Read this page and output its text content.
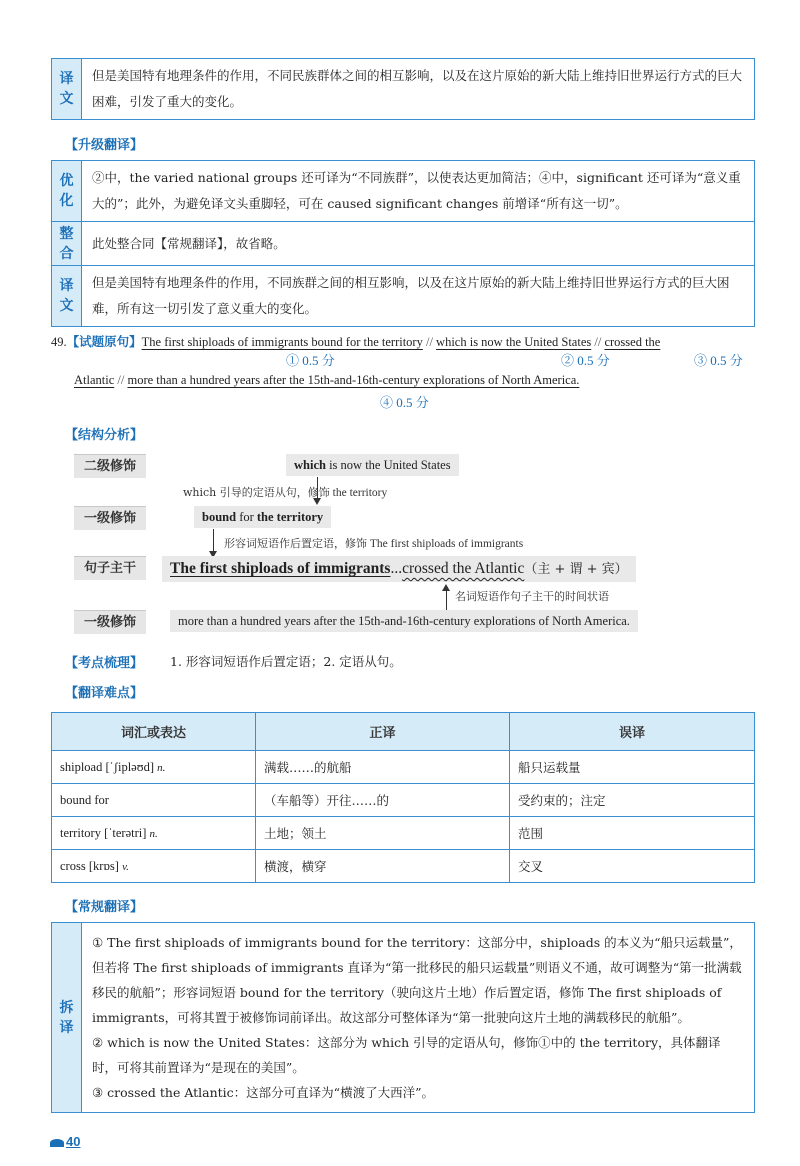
译文	但是美国特有地理条件的作用，不同民族群体之间的相互影响，以及在这片原始的新大陆上维持旧世界运行方式的巨大困难，引发了重大的变化。
【升级翻译】
优化	②中，the varied national groups 还可译为“不同族群”，以使表达更加简洁；④中，significant 还可译为“意义重大的”；此外，为避免译文头重脚轻，可在 caused significant changes 前增译“所有这一切”。
整合	此处整合同【常规翻译】，故省略。
译文	但是美国特有地理条件的作用，不同族群之间的相互影响，以及在这片原始的新大陆上维持旧世界运行方式的巨大困难，所有这一切引发了意义重大的变化。
49.【试题原句】The first shiploads of immigrants bound for the territory // which is now the United States // crossed the
① 0.5 分	② 0.5 分	③ 0.5 分
Atlantic // more than a hundred years after the 15th-and-16th-century explorations of North America.
④ 0.5 分
【结构分析】
二级修饰
一级修饰
句子主干
一级修饰
which is now the United States
which 引导的定语从句，修饰 the territory
bound for the territory
形容词短语作后置定语，修饰 The first shiploads of immigrants
The first shiploads of immigrants...crossed the Atlantic（主 + 谓 + 宾）
名词短语作句子主干的时间状语
more than a hundred years after the 15th-and-16th-century explorations of North America.
【考点梳理】 1. 形容词短语作后置定语；2. 定语从句。
【翻译难点】
词汇或表达	正译	误译
shipload [ˈʃipləʊd] n.	满载……的航船	船只运载量
bound for	（车船等）开往……的	受约束的；注定
territory [ˈterətri] n.	土地；领土	范围
cross [krɒs] v.	横渡，横穿	交叉
【常规翻译】
拆译	
① The first shiploads of immigrants bound for the territory：这部分中，shiploads 的本义为“船只运载量”，但若将 The first shiploads of immigrants 直译为“第一批移民的船只运载量”则语义不通，故可调整为“第一批满载移民的航船”；形容词短语 bound for the territory（驶向这片土地）作后置定语，修饰 The first shiploads of immigrants，可将其置于被修饰词前译出。故这部分可整体译为“第一批驶向这片土地的满载移民的航船”。
② which is now the United States：这部分为 which 引导的定语从句，修饰①中的 the territory，具体翻译时，可将其前置译为“是现在的美国”。
③ crossed the Atlantic：这部分可直译为“横渡了大西洋”。
40
